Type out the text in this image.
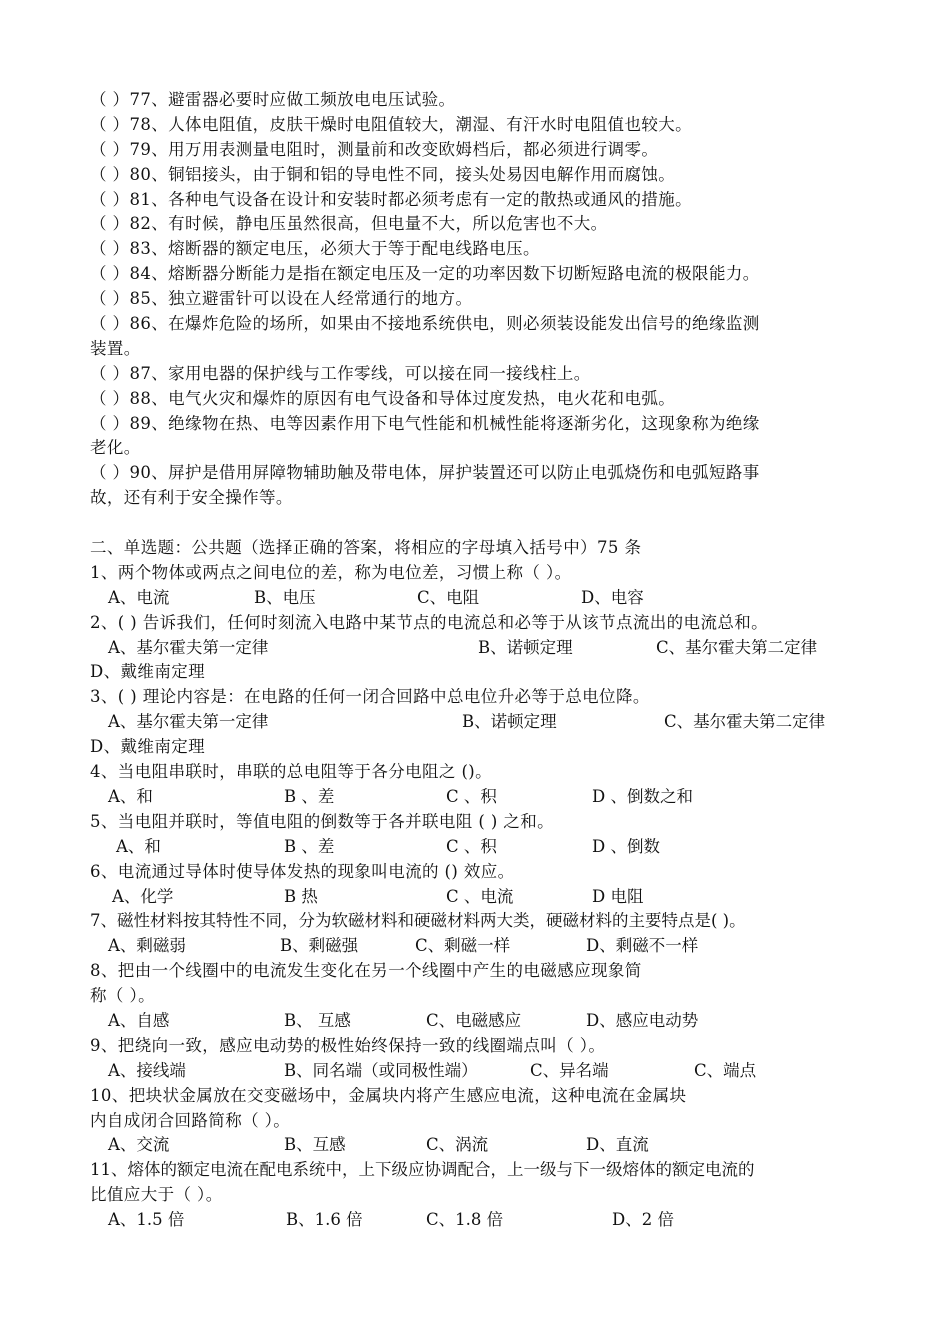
（ ）77、避雷器必要时应做工频放电电压试验。
（ ）78、人体电阻值，皮肤干燥时电阻值较大，潮湿、有汗水时电阻值也较大。
（ ）79、用万用表测量电阻时，测量前和改变欧姆档后，都必须进行调零。
（ ）80、铜铝接头，由于铜和铝的导电性不同，接头处易因电解作用而腐蚀。
（ ）81、各种电气设备在设计和安装时都必须考虑有一定的散热或通风的措施。
（ ）82、有时候，静电压虽然很高，但电量不大，所以危害也不大。
（ ）83、熔断器的额定电压，必须大于等于配电线路电压。
（ ）84、熔断器分断能力是指在额定电压及一定的功率因数下切断短路电流的极限能力。
（ ）85、独立避雷针可以设在人经常通行的地方。
（ ）86、在爆炸危险的场所，如果由不接地系统供电，则必须装设能发出信号的绝缘监测
装置。
（ ）87、家用电器的保护线与工作零线，可以接在同一接线柱上。
（ ）88、电气火灾和爆炸的原因有电气设备和导体过度发热，电火花和电弧。
（ ）89、绝缘物在热、电等因素作用下电气性能和机械性能将逐渐劣化，这现象称为绝缘
老化。
（ ）90、屏护是借用屏障物辅助触及带电体，屏护装置还可以防止电弧烧伤和电弧短路事
故，还有利于安全操作等。
二、单选题：公共题（选择正确的答案，将相应的字母填入括号中）75 条
1、两个物体或两点之间电位的差，称为电位差，习惯上称（ ）。
A、电流	B、电压	C、电阻	D、电容
2、( ) 告诉我们，任何时刻流入电路中某节点的电流总和必等于从该节点流出的电流总和。
A、基尔霍夫第一定律	B、诺顿定理	C、基尔霍夫第二定律
D、戴维南定理
3、( ) 理论内容是：在电路的任何一闭合回路中总电位升必等于总电位降。
A、基尔霍夫第一定律	B、诺顿定理	C、基尔霍夫第二定律
D、戴维南定理
4、当电阻串联时，串联的总电阻等于各分电阻之 ()。
A、和	B 、差	C 、积	D 、倒数之和
5、当电阻并联时，等值电阻的倒数等于各并联电阻 ( ) 之和。
A、和	B 、差	C 、积	D 、倒数
6、电流通过导体时使导体发热的现象叫电流的 () 效应。
A、化学	B 热	C 、电流	D 电阻
7、磁性材料按其特性不同，分为软磁材料和硬磁材料两大类，硬磁材料的主要特点是( )。
A、剩磁弱	B、剩磁强	C、剩磁一样	D、剩磁不一样
8、把由一个线圈中的电流发生变化在另一个线圈中产生的电磁感应现象简
称（ ）。
A、自感	B、 互感	C、电磁感应	D、感应电动势
9、把绕向一致，感应电动势的极性始终保持一致的线圈端点叫（ ）。
A、接线端	B、同名端（或同极性端）	C、异名端	C、端点
10、把块状金属放在交变磁场中，金属块内将产生感应电流，这种电流在金属块
内自成闭合回路简称（ ）。
A、交流	B、互感	C、涡流	D、直流
11、熔体的额定电流在配电系统中，上下级应协调配合，上一级与下一级熔体的额定电流的
比值应大于（ ）。
A、1.5 倍	B、1.6 倍	C、1.8 倍	D、2 倍
